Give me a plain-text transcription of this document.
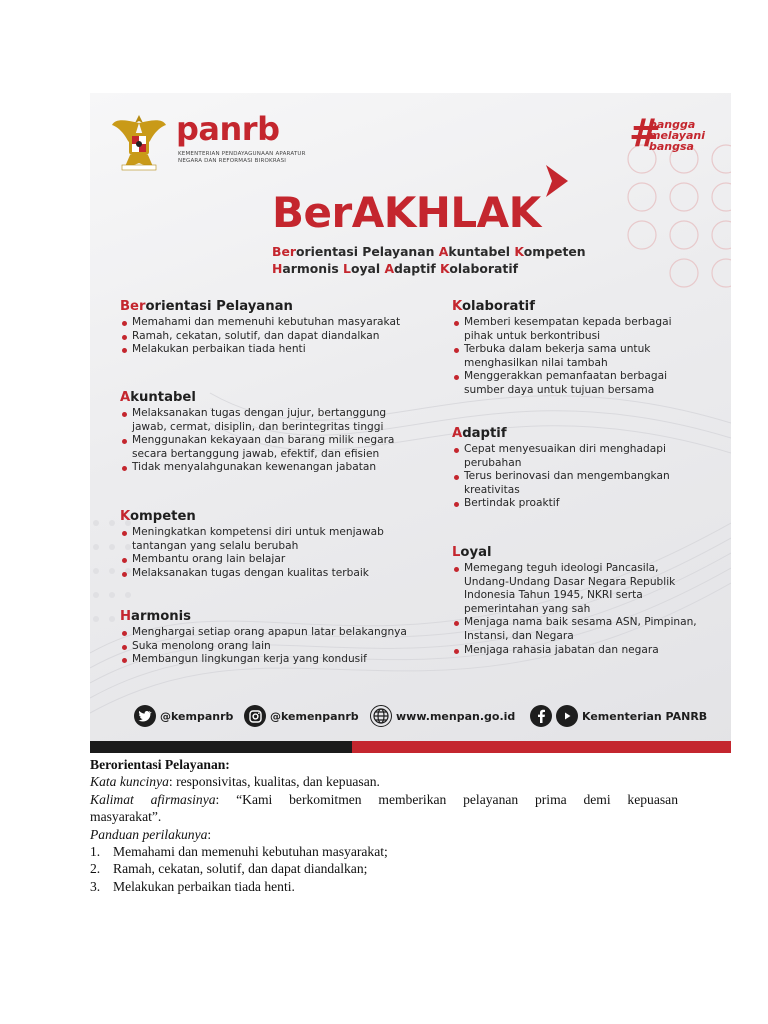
panrb
KEMENTERIAN PENDAYAGUNAAN APARATUR NEGARA DAN REFORMASI BIROKRASI
#
bangga
melayani
bangsa
BerAKHLAK
Berorientasi Pelayanan Akuntabel Kompeten
Harmonis Loyal Adaptif Kolaboratif
Berorientasi Pelayanan
Memahami dan memenuhi kebutuhan masyarakat
Ramah, cekatan, solutif, dan dapat diandalkan
Melakukan perbaikan tiada henti
Akuntabel
Melaksanakan tugas dengan jujur, bertanggung jawab, cermat, disiplin, dan berintegritas tinggi
Menggunakan kekayaan dan barang milik negara secara bertanggung jawab, efektif, dan efisien
Tidak menyalahgunakan kewenangan jabatan
Kompeten
Meningkatkan kompetensi diri untuk menjawab tantangan yang selalu berubah
Membantu orang lain belajar
Melaksanakan tugas dengan kualitas terbaik
Harmonis
Menghargai setiap orang apapun latar belakangnya
Suka menolong orang lain
Membangun lingkungan kerja yang kondusif
Kolaboratif
Memberi kesempatan kepada berbagai pihak untuk berkontribusi
Terbuka dalam bekerja sama untuk menghasilkan nilai tambah
Menggerakkan pemanfaatan berbagai sumber daya untuk tujuan bersama
Adaptif
Cepat menyesuaikan diri menghadapi perubahan
Terus berinovasi dan mengembangkan kreativitas
Bertindak proaktif
Loyal
Memegang teguh ideologi Pancasila, Undang-Undang Dasar Negara Republik Indonesia Tahun 1945, NKRI serta pemerintahan yang sah
Menjaga nama baik sesama ASN, Pimpinan, Instansi, dan Negara
Menjaga rahasia jabatan dan negara
@kempanrb	@kemenpanrb	www.menpan.go.id	Kementerian PANRB

Berorientasi Pelayanan:

Kata kuncinya: responsivitas, kualitas, dan kepuasan.

Kalimat afirmasinya: “Kami berkomitmen memberikan pelayanan prima demi kepuasan

masyarakat”.

Panduan perilakunya:

1. Memahami dan memenuhi kebutuhan masyarakat;
2. Ramah, cekatan, solutif, dan dapat diandalkan;
3. Melakukan perbaikan tiada henti.
